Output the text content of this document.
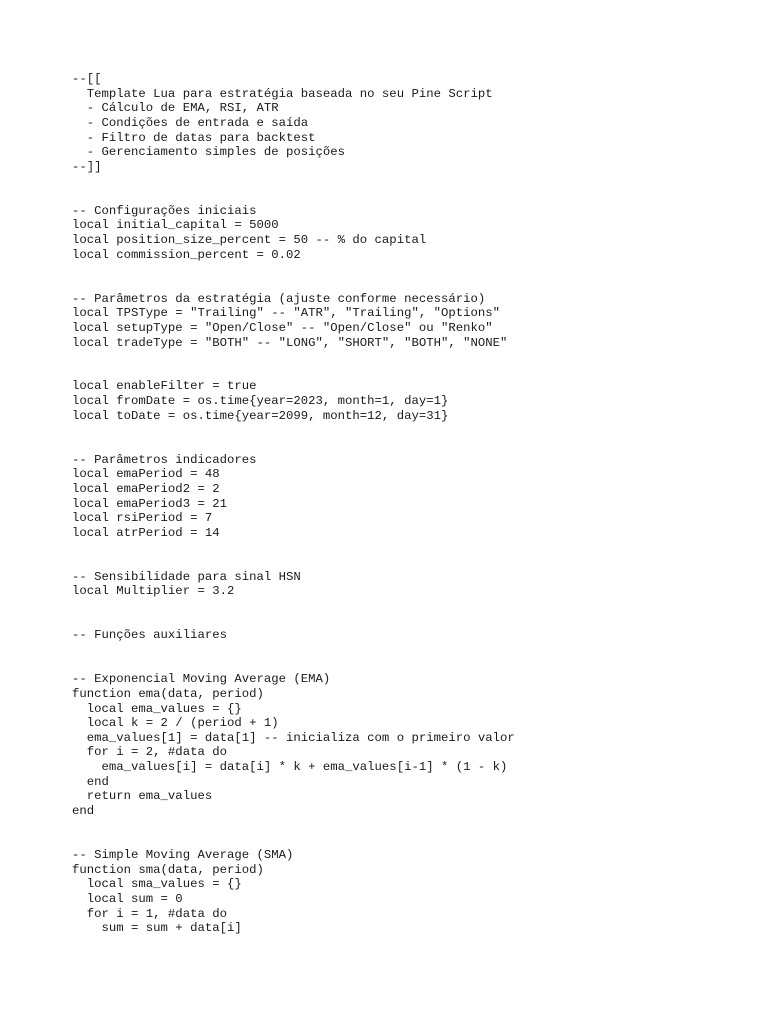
--[[
Template Lua para estratégia baseada no seu Pine Script
- Cálculo de EMA, RSI, ATR
- Condições de entrada e saída
- Filtro de datas para backtest
- Gerenciamento simples de posições
--]]
-- Configurações iniciais
local initial_capital = 5000
local position_size_percent = 50 -- % do capital
local commission_percent = 0.02
-- Parâmetros da estratégia (ajuste conforme necessário)
local TPSType = "Trailing" -- "ATR", "Trailing", "Options"
local setupType = "Open/Close" -- "Open/Close" ou "Renko"
local tradeType = "BOTH" -- "LONG", "SHORT", "BOTH", "NONE"
local enableFilter = true
local fromDate = os.time{year=2023, month=1, day=1}
local toDate = os.time{year=2099, month=12, day=31}
-- Parâmetros indicadores
local emaPeriod = 48
local emaPeriod2 = 2
local emaPeriod3 = 21
local rsiPeriod = 7
local atrPeriod = 14
-- Sensibilidade para sinal HSN
local Multiplier = 3.2
-- Funções auxiliares
-- Exponencial Moving Average (EMA)
function ema(data, period)
local ema_values = {}
local k = 2 / (period + 1)
ema_values[1] = data[1] -- inicializa com o primeiro valor
for i = 2, #data do
ema_values[i] = data[i] * k + ema_values[i-1] * (1 - k)
end
return ema_values
end
-- Simple Moving Average (SMA)
function sma(data, period)
local sma_values = {}
local sum = 0
for i = 1, #data do
sum = sum + data[i]
